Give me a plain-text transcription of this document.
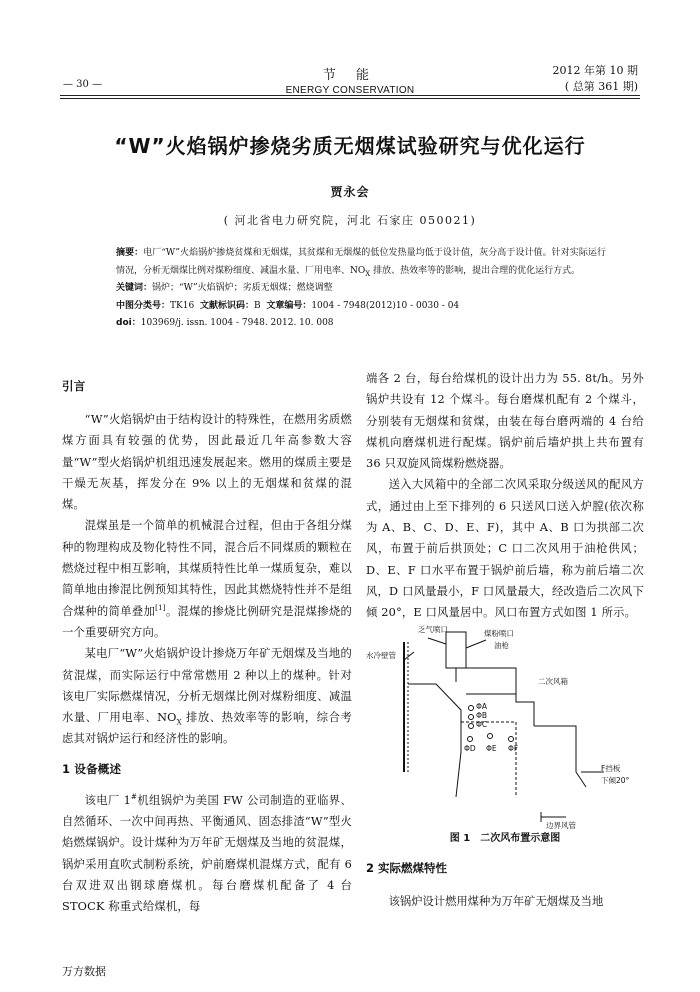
— 30 —
节 能
ENERGY CONSERVATION
2012 年第 10 期
( 总第 361 期)
“W”火焰锅炉掺烧劣质无烟煤试验研究与优化运行
贾永会
( 河北省电力研究院，河北 石家庄 050021)

摘要：电厂“W”火焰锅炉掺烧贫煤和无烟煤，其贫煤和无烟煤的低位发热量均低于设计值，灰分高于设计值。针对实际运行情况，分析无烟煤比例对煤粉细度、减温水量、厂用电率、$NO_X$ 排放、热效率等的影响，提出合理的优化运行方式。

关键词：锅炉；“W”火焰锅炉；劣质无烟煤；燃烧调整

中图分类号：TK16 文献标识码：B 文章编号：1004 - 7948(2012)10 - 0030 - 04

doi：103969/j. issn. 1004 - 7948. 2012. 10. 008

引言

“W”火焰锅炉由于结构设计的特殊性，在燃用劣质燃煤方面具有较强的优势，因此最近几年高参数大容量“W”型火焰锅炉机组迅速发展起来。燃用的煤质主要是干燥无灰基，挥发分在 9% 以上的无烟煤和贫煤的混煤。

混煤虽是一个简单的机械混合过程，但由于各组分煤种的物理构成及物化特性不同，混合后不同煤质的颗粒在燃烧过程中相互影响，其煤质特性比单一煤质复杂，难以简单地由掺混比例预知其特性，因此其燃烧特性并不是组合煤种的简单叠加[1]。混煤的掺烧比例研究是混煤掺烧的一个重要研究方向。

某电厂“W”火焰锅炉设计掺烧万年矿无烟煤及当地的贫混煤，而实际运行中常常燃用 2 种以上的煤种。针对该电厂实际燃煤情况，分析无烟煤比例对煤粉细度、减温水量、厂用电率、$NO_X$ 排放、热效率等的影响，综合考虑其对锅炉运行和经济性的影响。

1 设备概述

该电厂 1#机组锅炉为美国 FW 公司制造的亚临界、自然循环、一次中间再热、平衡通风、固态排渣“W”型火焰燃煤锅炉。设计煤种为万年矿无烟煤及当地的贫混煤，锅炉采用直吹式制粉系统，炉前磨煤机混煤方式，配有 6 台双进双出钢球磨煤机。每台磨煤机配备了 4 台 STOCK 称重式给煤机，每

端各 2 台，每台给煤机的设计出力为 55. 8t/h。另外锅炉共设有 12 个煤斗。每台磨煤机配有 2 个煤斗，分别装有无烟煤和贫煤，由装在每台磨两端的 4 台给煤机向磨煤机进行配煤。锅炉前后墙炉拱上共布置有 36 只双旋风筒煤粉燃烧器。

送入大风箱中的全部二次风采取分级送风的配风方式，通过由上至下排列的 6 只送风口送入炉膛(依次称为 A、B、C、D、E、F)，其中 A、B 口为拱部二次风，布置于前后拱顶处；C 口二次风用于油枪供风；D、E、F 口水平布置于锅炉前后墙，称为前后墙二次风，D 口风量最小，F 口风量最大，经改造后二次风下倾 20°，E 口风量居中。风口布置方式如图 1 所示。

乏气喷口	煤粉喷口
油枪
水冷壁管
二次风箱
ΦA
ΦB
ΦC
ΦD ΦE ΦF
F挡板
下倾20°
边界风管
图 1　二次风布置示意图
2 实际燃煤特性

该锅炉设计燃用煤种为万年矿无烟煤及当地

万方数据
